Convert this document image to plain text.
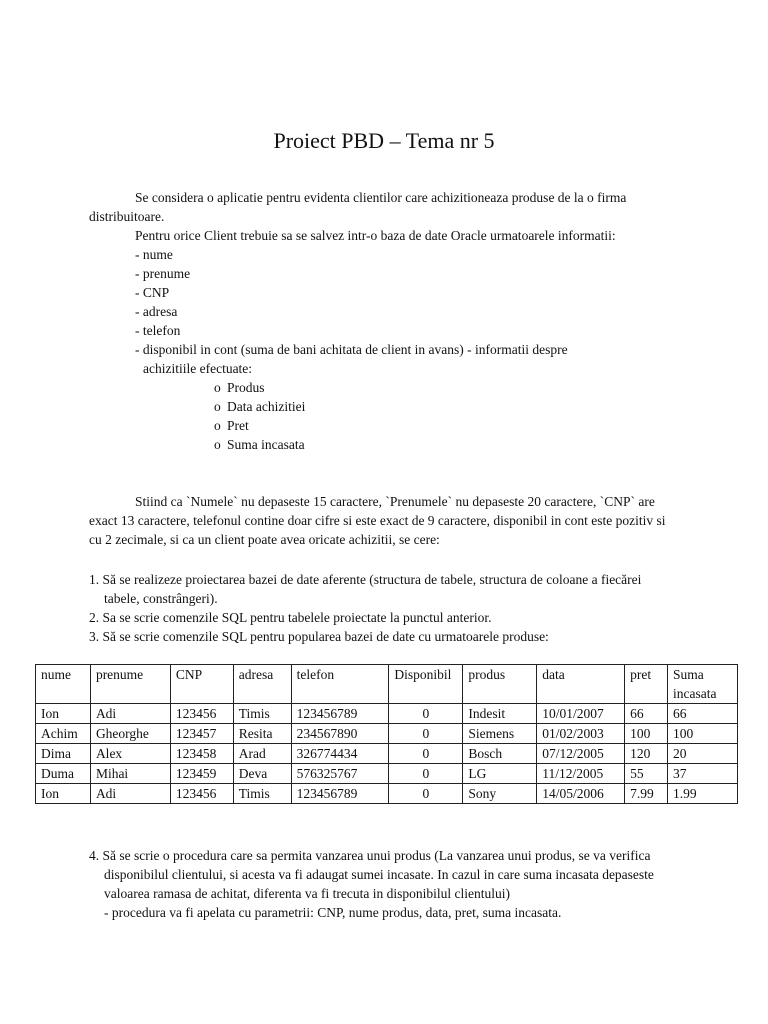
Proiect PBD – Tema nr 5
Se considera o aplicatie pentru evidenta clientilor care achizitioneaza produse de la o firma distribuitoare.
Pentru orice Client trebuie sa se salvez intr-o baza de date Oracle urmatoarele informatii:
- nume
- prenume
- CNP
- adresa
- telefon
- disponibil in cont (suma de bani achitata de client in avans) - informatii despre
achizitiile efectuate:
o Produs
o Data achizitiei
o Pret
o Suma incasata
Stiind ca `Numele` nu depaseste 15 caractere, `Prenumele` nu depaseste 20 caractere, `CNP` are exact 13 caractere, telefonul contine doar cifre si este exact de 9 caractere, disponibil in cont este pozitiv si cu 2 zecimale, si ca un client poate avea oricate achizitii, se cere:
1. Să se realizeze proiectarea bazei de date aferente (structura de tabele, structura de coloane a fiecărei tabele, constrângeri).
2. Sa se scrie comenzile SQL pentru tabelele proiectate la punctul anterior.
3. Să se scrie comenzile SQL pentru popularea bazei de date cu urmatoarele produse:
nume	prenume	CNP	adresa	telefon	Disponibil	produs	data	pret	Suma incasata
Ion	Adi	123456	Timis	123456789	0	Indesit	10/01/2007	66	66
Achim	Gheorghe	123457	Resita	234567890	0	Siemens	01/02/2003	100	100
Dima	Alex	123458	Arad	326774434	0	Bosch	07/12/2005	120	20
Duma	Mihai	123459	Deva	576325767	0	LG	11/12/2005	55	37
Ion	Adi	123456	Timis	123456789	0	Sony	14/05/2006	7.99	1.99
4. Să se scrie o procedura care sa permita vanzarea unui produs (La vanzarea unui produs, se va verifica disponibilul clientului, si acesta va fi adaugat sumei incasate. In cazul in care suma incasata depaseste valoarea ramasa de achitat, diferenta va fi trecuta in disponibilul clientului)
- procedura va fi apelata cu parametrii: CNP, nume produs, data, pret, suma incasata.
